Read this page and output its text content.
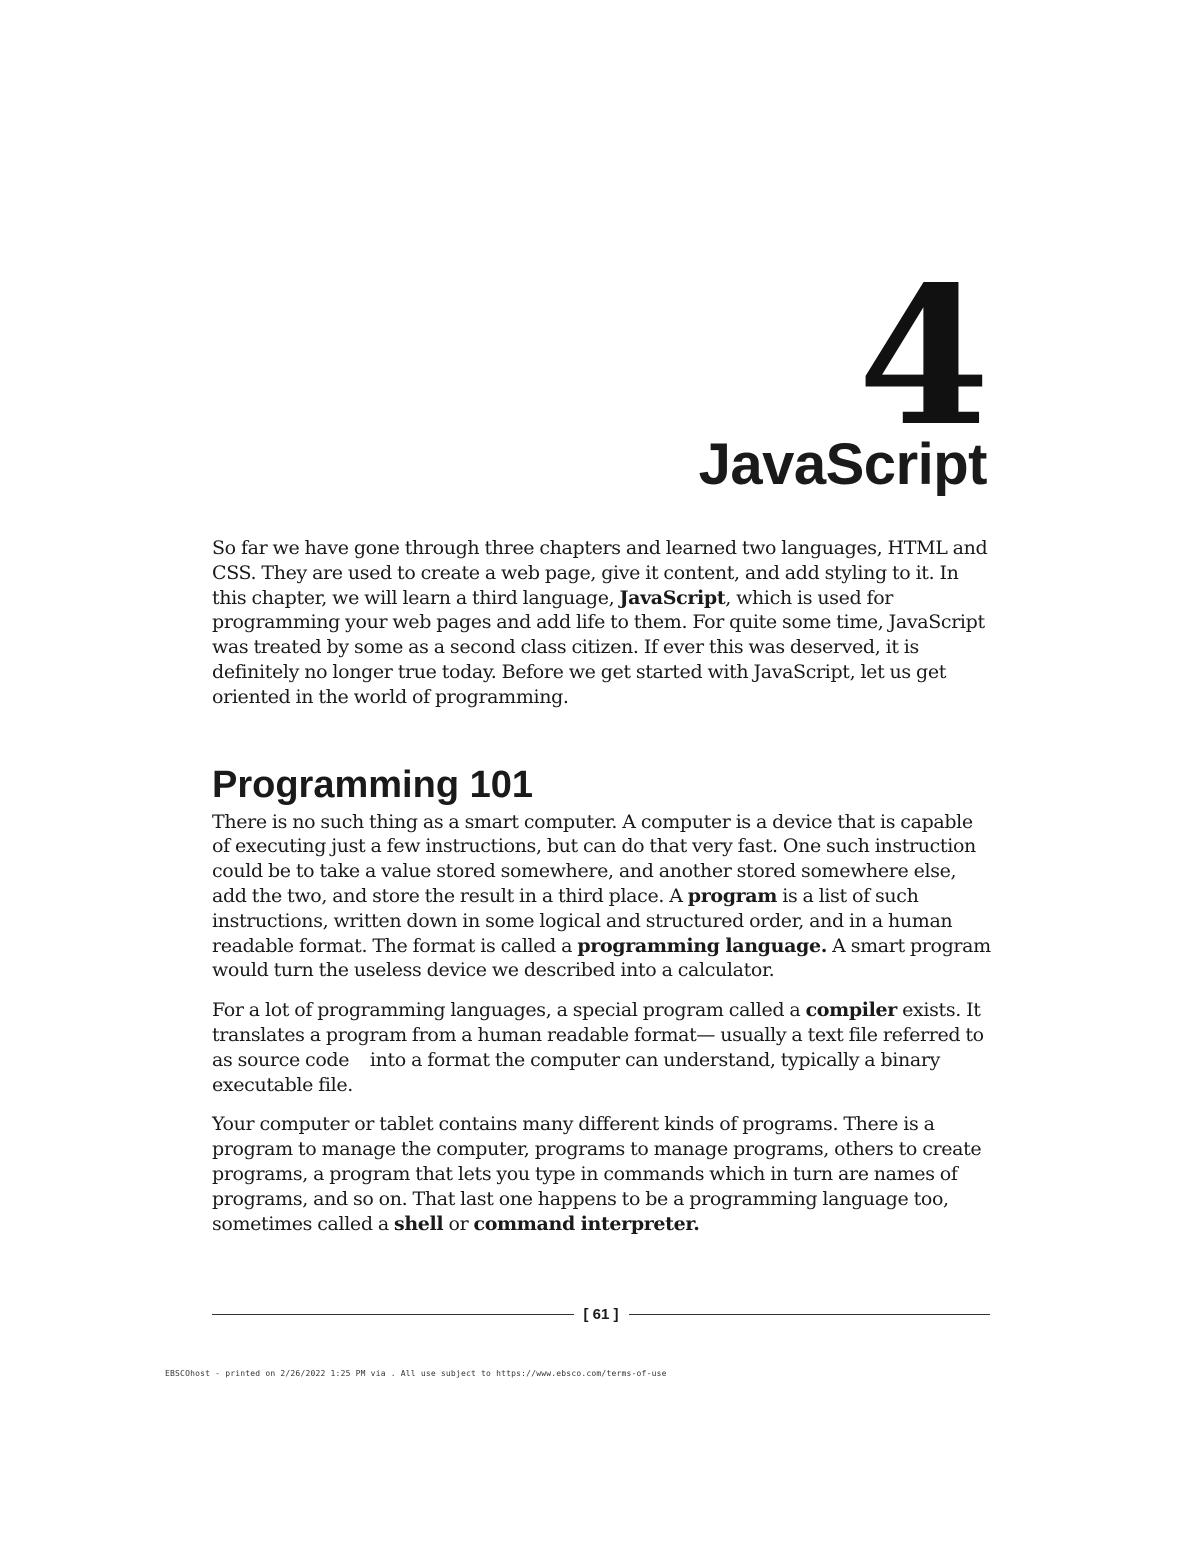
4
JavaScript

So far we have gone through three chapters and learned two languages, HTML and CSS. They are used to create a web page, give it content, and add styling to it. In this chapter, we will learn a third language, JavaScript, which is used for programming your web pages and add life to them. For quite some time, JavaScript was treated by some as a second class citizen. If ever this was deserved, it is definitely no longer true today. Before we get started with JavaScript, let us get oriented in the world of programming.

Programming 101

There is no such thing as a smart computer. A computer is a device that is capable of executing just a few instructions, but can do that very fast. One such instruction could be to take a value stored somewhere, and another stored somewhere else, add the two, and store the result in a third place. A program is a list of such instructions, written down in some logical and structured order, and in a human readable format. The format is called a programming language. A smart program would turn the useless device we described into a calculator.

For a lot of programming languages, a special program called a compiler exists. It translates a program from a human readable format— usually a text file referred to as source code    into a format the computer can understand, typically a binary executable file.

Your computer or tablet contains many different kinds of programs. There is a program to manage the computer, programs to manage programs, others to create programs, a program that lets you type in commands which in turn are names of programs, and so on. That last one happens to be a programming language too, sometimes called a shell or command interpreter.

[ 61 ]
EBSCOhost - printed on 2/26/2022 1:25 PM via . All use subject to https://www.ebsco.com/terms-of-use
